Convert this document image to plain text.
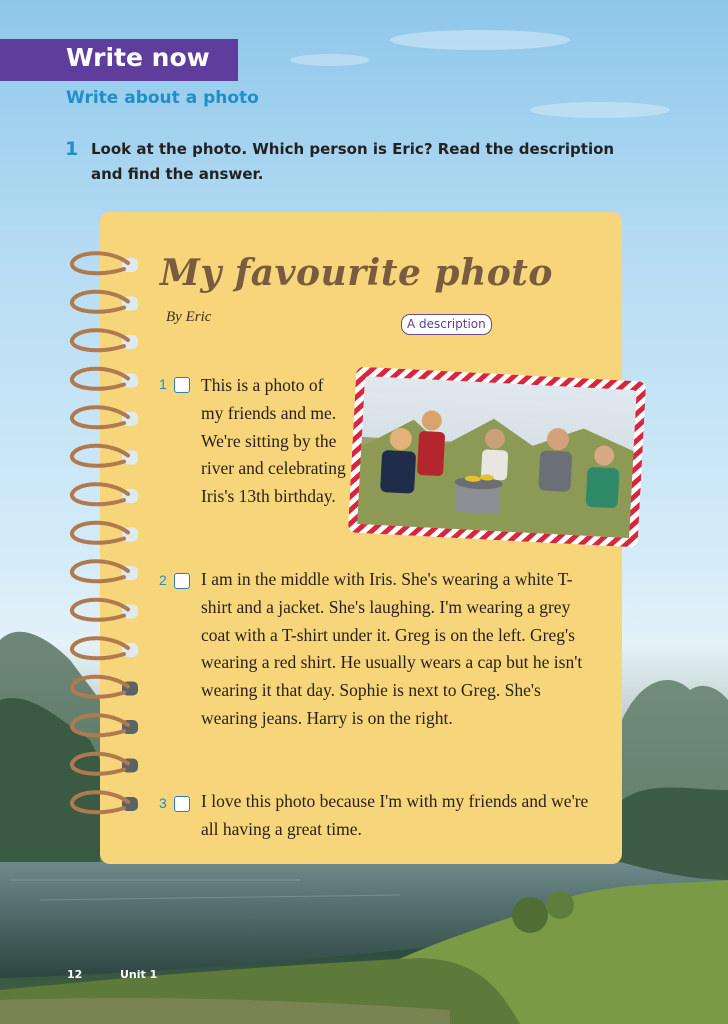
Write now
Write about a photo
1 Look at the photo. Which person is Eric? Read the description and find the answer.
My favourite photo
By Eric	A description
1 This is a photo of my friends and me. We're sitting by the river and celebrating Iris's 13th birthday.
2 I am in the middle with Iris. She's wearing a white T-shirt and a jacket. She's laughing. I'm wearing a grey coat with a T-shirt under it. Greg is on the left. Greg's wearing a red shirt. He usually wears a cap but he isn't wearing it that day. Sophie is next to Greg. She's wearing jeans. Harry is on the right.
3 I love this photo because I'm with my friends and we're all having a great time.
12	Unit 1
